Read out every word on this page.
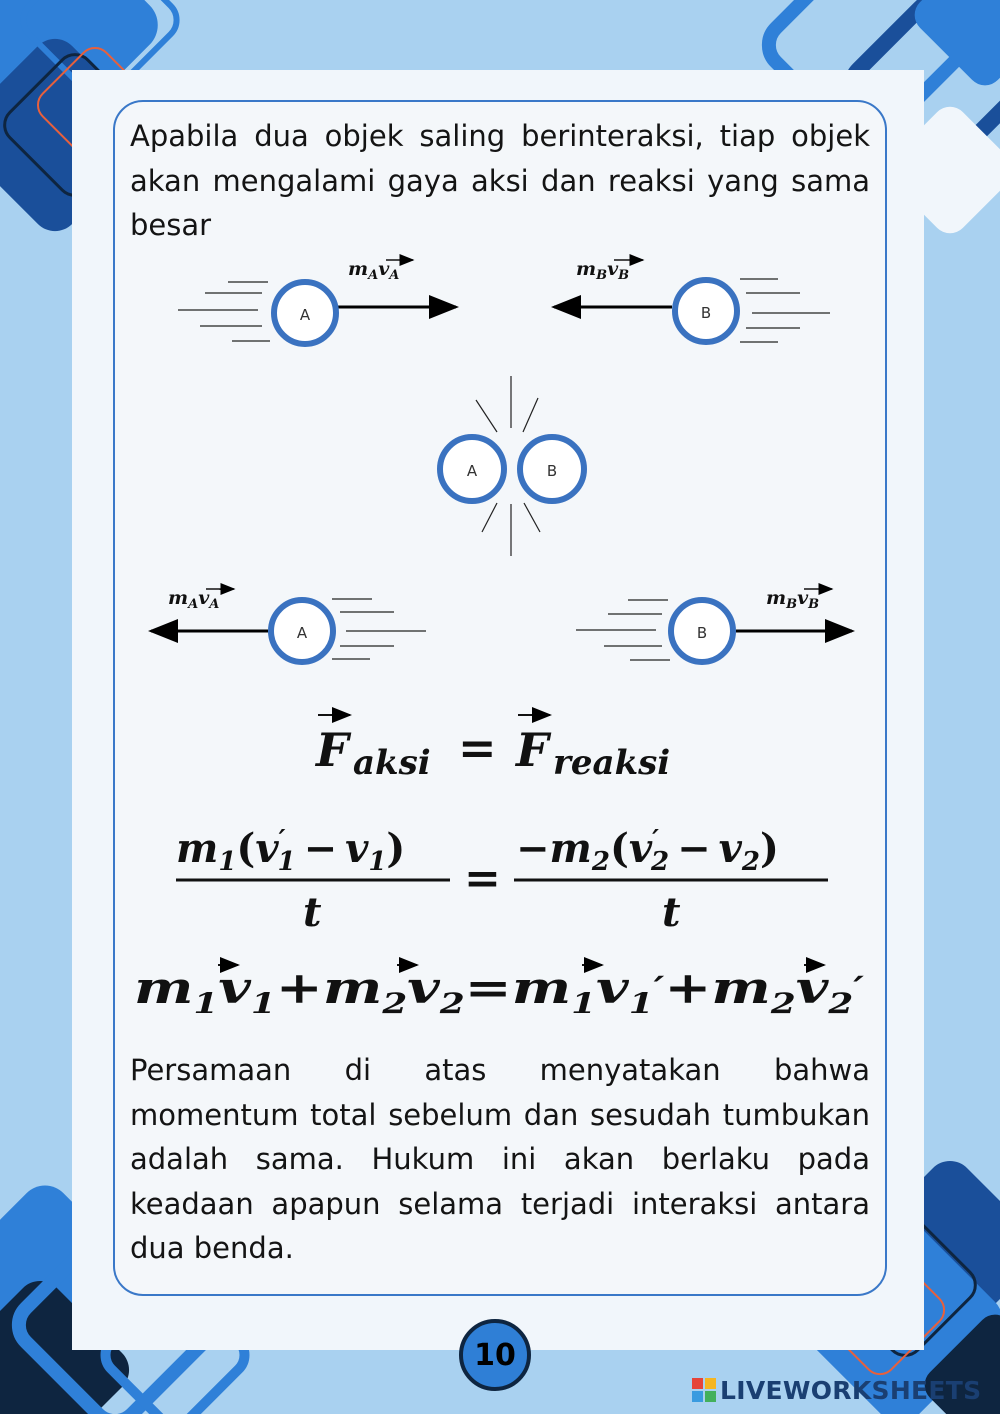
Apabila dua objek saling berinteraksi, tiap objek akan mengalami gaya aksi dan reaksi yang sama besar

A
$m_Av_A$
B
$m_Bv_B$
A	B
A
$m_Av_A'$
B
$m_Bv_B'$
F aksi = F reaksi
$m_1(v'$ $1 - v_1$)
t
=
$-m_2(v'$ $2 - v_2$)
t
m $_1$ v $_1$ + m $_2$ v $_2$ = m $_1$ v $_1$ ′+ m $_2$ v $_2$ ′

Persamaan di atas menyatakan bahwa momentum total sebelum dan sesudah tumbukan adalah sama. Hukum ini akan berlaku pada keadaan apapun selama terjadi interaksi antara dua benda.

10
LIVEWORKSHEETS
